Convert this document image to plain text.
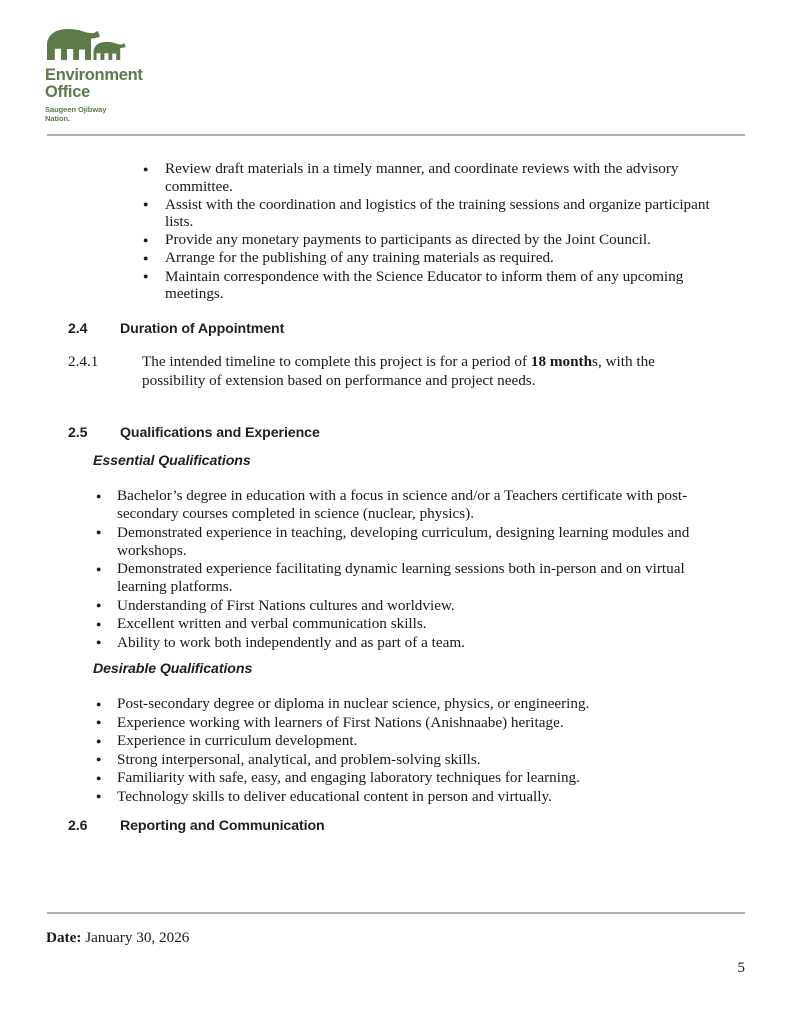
Environment
Office
Saugeen Ojibway
Nation.
● Review draft materials in a timely manner, and coordinate reviews with the advisory committee.
● Assist with the coordination and logistics of the training sessions and organize participant lists.
● Provide any monetary payments to participants as directed by the Joint Council.
● Arrange for the publishing of any training materials as required.
● Maintain correspondence with the Science Educator to inform them of any upcoming meetings.
2.4 Duration of Appointment
2.4.1	The intended timeline to complete this project is for a period of 18 months, with the possibility of extension based on performance and project needs.
2.5 Qualifications and Experience
Essential Qualifications
● Bachelor’s degree in education with a focus in science and/or a Teachers certificate with post-secondary courses completed in science (nuclear, physics).
● Demonstrated experience in teaching, developing curriculum, designing learning modules and workshops.
● Demonstrated experience facilitating dynamic learning sessions both in-person and on virtual learning platforms.
● Understanding of First Nations cultures and worldview.
● Excellent written and verbal communication skills.
● Ability to work both independently and as part of a team.
Desirable Qualifications
● Post-secondary degree or diploma in nuclear science, physics, or engineering.
● Experience working with learners of First Nations (Anishnaabe) heritage.
● Experience in curriculum development.
● Strong interpersonal, analytical, and problem-solving skills.
● Familiarity with safe, easy, and engaging laboratory techniques for learning.
● Technology skills to deliver educational content in person and virtually.
2.6 Reporting and Communication
Date: January 30, 2026
5
